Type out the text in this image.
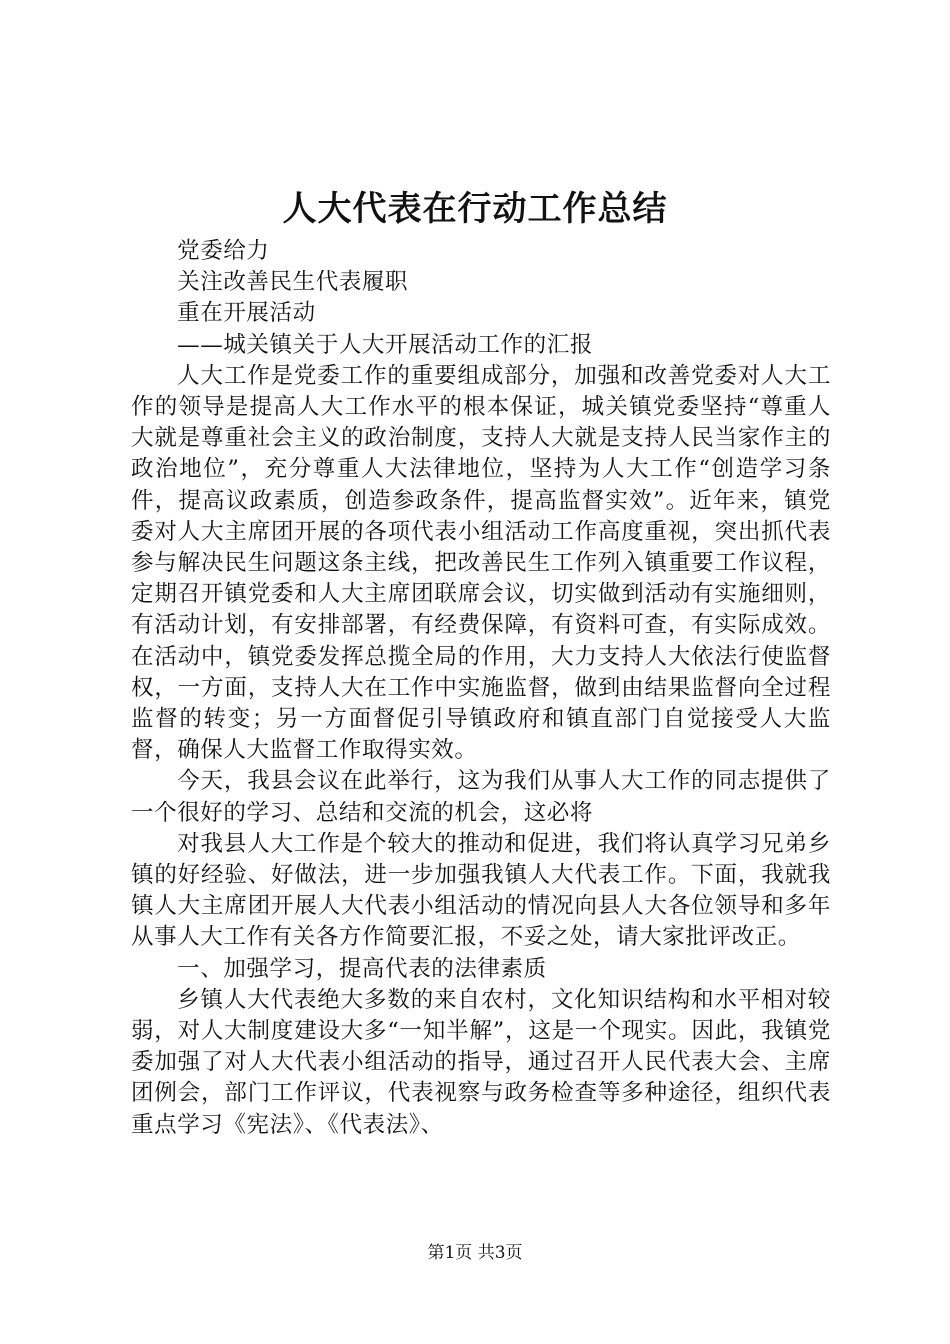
人大代表在行动工作总结

党委给力

关注改善民生代表履职

重在开展活动

——城关镇关于人大开展活动工作的汇报

人大工作是党委工作的重要组成部分，加强和改善党委对人大工作的领导是提高人大工作水平的根本保证，城关镇党委坚持“尊重人大就是尊重社会主义的政治制度，支持人大就是支持人民当家作主的政治地位”，充分尊重人大法律地位，坚持为人大工作“创造学习条件，提高议政素质，创造参政条件，提高监督实效”。近年来，镇党委对人大主席团开展的各项代表小组活动工作高度重视，突出抓代表参与解决民生问题这条主线，把改善民生工作列入镇重要工作议程，定期召开镇党委和人大主席团联席会议，切实做到活动有实施细则，有活动计划，有安排部署，有经费保障，有资料可查，有实际成效。在活动中，镇党委发挥总揽全局的作用，大力支持人大依法行使监督权，一方面，支持人大在工作中实施监督，做到由结果监督向全过程监督的转变；另一方面督促引导镇政府和镇直部门自觉接受人大监督，确保人大监督工作取得实效。

今天，我县会议在此举行，这为我们从事人大工作的同志提供了一个很好的学习、总结和交流的机会，这必将

对我县人大工作是个较大的推动和促进，我们将认真学习兄弟乡镇的好经验、好做法，进一步加强我镇人大代表工作。下面，我就我镇人大主席团开展人大代表小组活动的情况向县人大各位领导和多年从事人大工作有关各方作简要汇报，不妥之处，请大家批评改正。

一、加强学习，提高代表的法律素质

乡镇人大代表绝大多数的来自农村，文化知识结构和水平相对较弱，对人大制度建设大多“一知半解”，这是一个现实。因此，我镇党委加强了对人大代表小组活动的指导，通过召开人民代表大会、主席团例会，部门工作评议，代表视察与政务检查等多种途径，组织代表重点学习《宪法》、《代表法》、

第1页 共3页
